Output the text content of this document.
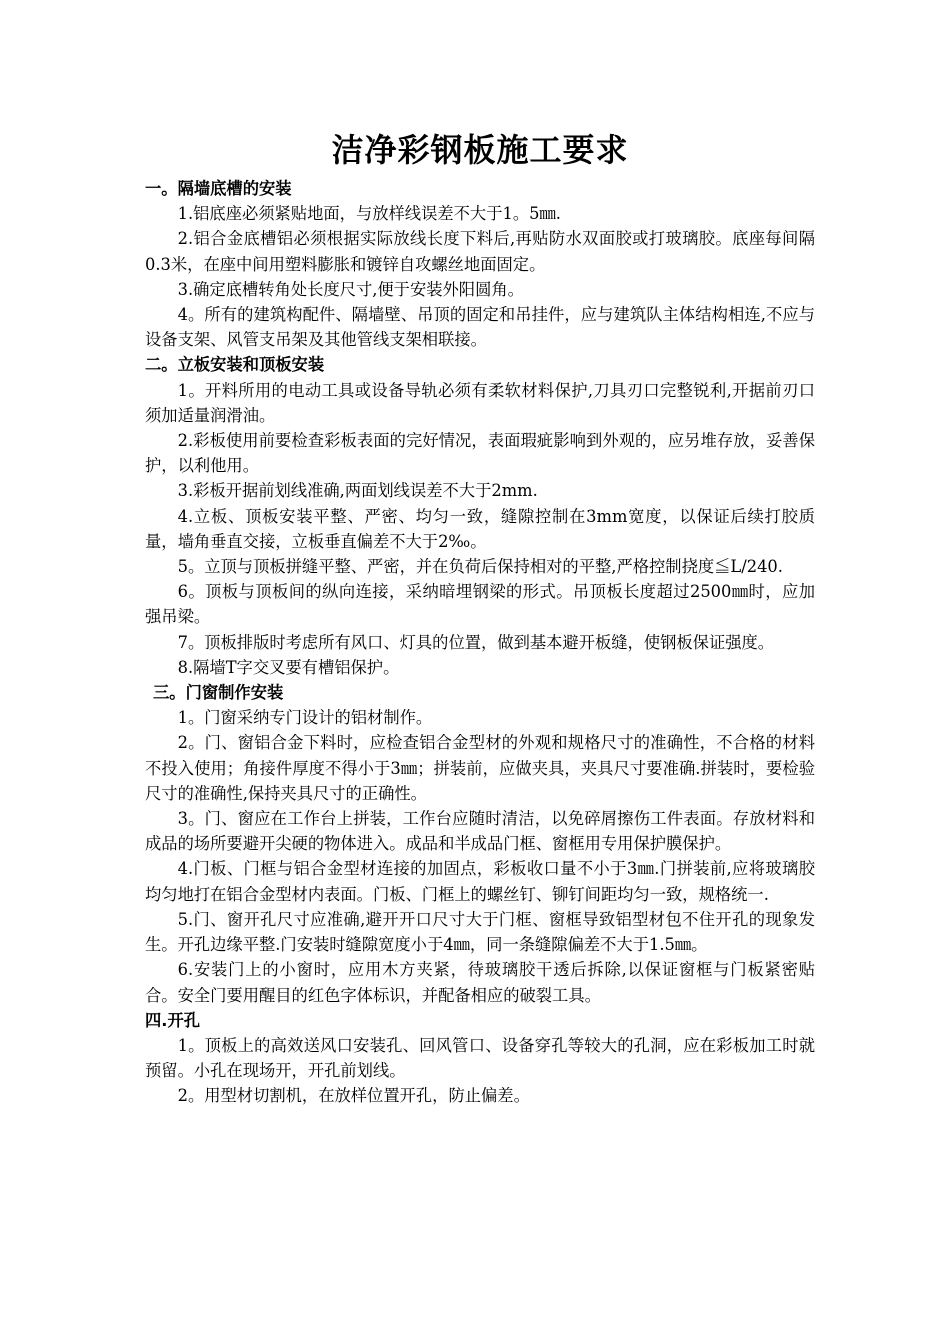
洁净彩钢板施工要求
一。隔墙底槽的安装

1.铝底座必须紧贴地面，与放样线误差不大于1。5㎜.

2.铝合金底槽铝必须根据实际放线长度下料后,再贴防水双面胶或打玻璃胶。底座每间隔0.3米，在座中间用塑料膨胀和镀锌自攻螺丝地面固定。

3.确定底槽转角处长度尺寸,便于安装外阳圆角。

4。所有的建筑构配件、隔墙壁、吊顶的固定和吊挂件，应与建筑队主体结构相连,不应与设备支架、风管支吊架及其他管线支架相联接。

二。立板安装和顶板安装

1。开料所用的电动工具或设备导轨必须有柔软材料保护,刀具刃口完整锐利,开据前刃口须加适量润滑油。

2.彩板使用前要检查彩板表面的完好情况，表面瑕疵影响到外观的，应另堆存放，妥善保护，以利他用。

3.彩板开据前划线准确,两面划线误差不大于2mm.

4.立板、顶板安装平整、严密、均匀一致，缝隙控制在3mm宽度，以保证后续打胶质量，墙角垂直交接，立板垂直偏差不大于2‰。

5。立顶与顶板拼缝平整、严密，并在负荷后保持相对的平整,严格控制挠度≦L/240.

6。顶板与顶板间的纵向连接，采纳暗埋钢梁的形式。吊顶板长度超过2500㎜时，应加强吊梁。

7。顶板排版时考虑所有风口、灯具的位置，做到基本避开板缝，使钢板保证强度。

8.隔墙T字交叉要有槽铝保护。

三。门窗制作安装

1。门窗采纳专门设计的铝材制作。

2。门、窗铝合金下料时，应检查铝合金型材的外观和规格尺寸的准确性，不合格的材料不投入使用；角接件厚度不得小于3㎜；拼装前，应做夹具，夹具尺寸要准确.拼装时，要检验尺寸的准确性,保持夹具尺寸的正确性。

3。门、窗应在工作台上拼装，工作台应随时清洁，以免碎屑擦伤工件表面。存放材料和成品的场所要避开尖硬的物体进入。成品和半成品门框、窗框用专用保护膜保护。

4.门板、门框与铝合金型材连接的加固点，彩板收口量不小于3㎜.门拼装前,应将玻璃胶均匀地打在铝合金型材内表面。门板、门框上的螺丝钉、铆钉间距均匀一致，规格统一.

5.门、窗开孔尺寸应准确,避开开口尺寸大于门框、窗框导致铝型材包不住开孔的现象发生。开孔边缘平整.门安装时缝隙宽度小于4㎜，同一条缝隙偏差不大于1.5㎜。

6.安装门上的小窗时，应用木方夹紧，待玻璃胶干透后拆除,以保证窗框与门板紧密贴合。安全门要用醒目的红色字体标识，并配备相应的破裂工具。

四.开孔

1。顶板上的高效送风口安装孔、回风管口、设备穿孔等较大的孔洞，应在彩板加工时就预留。小孔在现场开，开孔前划线。

2。用型材切割机，在放样位置开孔，防止偏差。
